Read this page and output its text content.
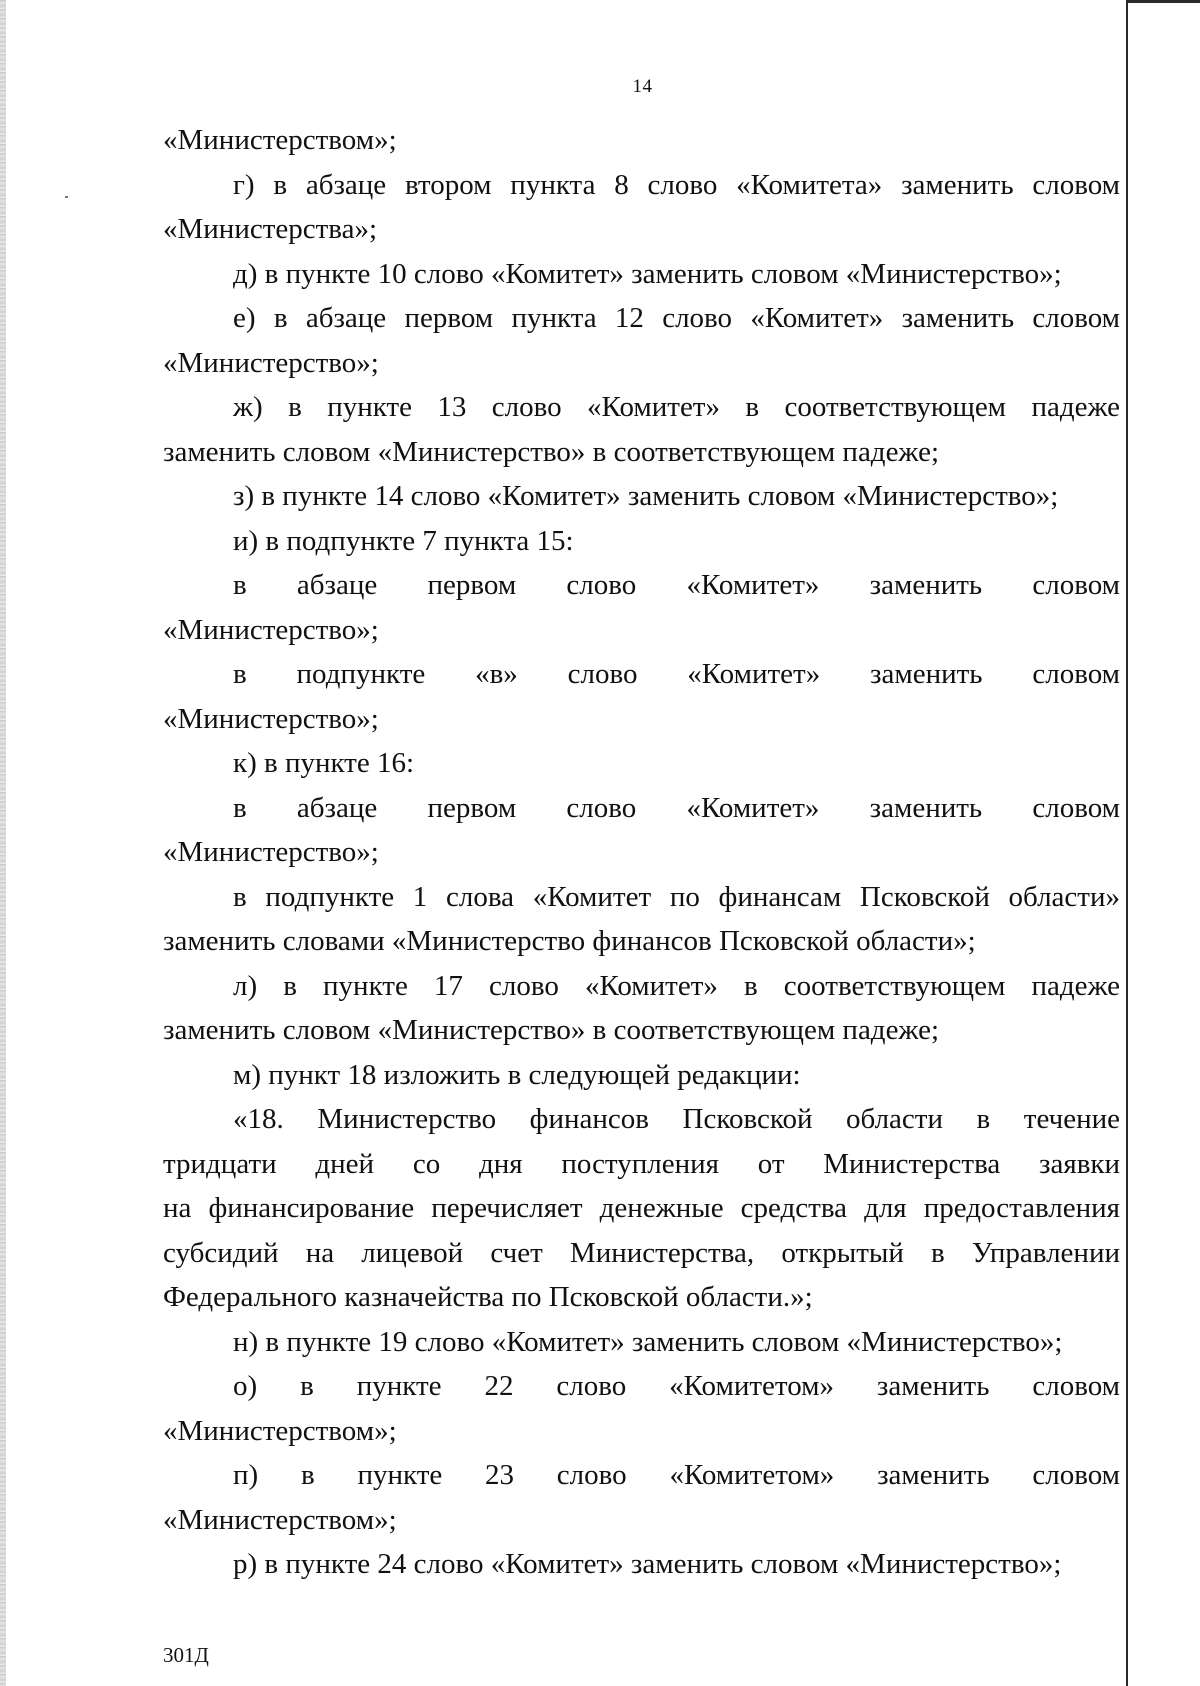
14
«Министерством»;
г) в абзаце втором пункта 8 слово «Комитета» заменить словом
«Министерства»;
д) в пункте 10 слово «Комитет» заменить словом «Министерство»;
е) в абзаце первом пункта 12 слово «Комитет» заменить словом
«Министерство»;
ж) в пункте 13 слово «Комитет» в соответствующем падеже
заменить словом «Министерство» в соответствующем падеже;
з) в пункте 14 слово «Комитет» заменить словом «Министерство»;
и) в подпункте 7 пункта 15:
в абзаце первом слово «Комитет» заменить словом
«Министерство»;
в подпункте «в» слово «Комитет» заменить словом
«Министерство»;
к) в пункте 16:
в абзаце первом слово «Комитет» заменить словом
«Министерство»;
в подпункте 1 слова «Комитет по финансам Псковской области»
заменить словами «Министерство финансов Псковской области»;
л) в пункте 17 слово «Комитет» в соответствующем падеже
заменить словом «Министерство» в соответствующем падеже;
м) пункт 18 изложить в следующей редакции:
«18. Министерство финансов Псковской области в течение
тридцати дней со дня поступления от Министерства заявки
на финансирование перечисляет денежные средства для предоставления
субсидий на лицевой счет Министерства, открытый в Управлении
Федерального казначейства по Псковской области.»;
н) в пункте 19 слово «Комитет» заменить словом «Министерство»;
о) в пункте 22 слово «Комитетом» заменить словом
«Министерством»;
п) в пункте 23 слово «Комитетом» заменить словом
«Министерством»;
р) в пункте 24 слово «Комитет» заменить словом «Министерство»;
301Д
